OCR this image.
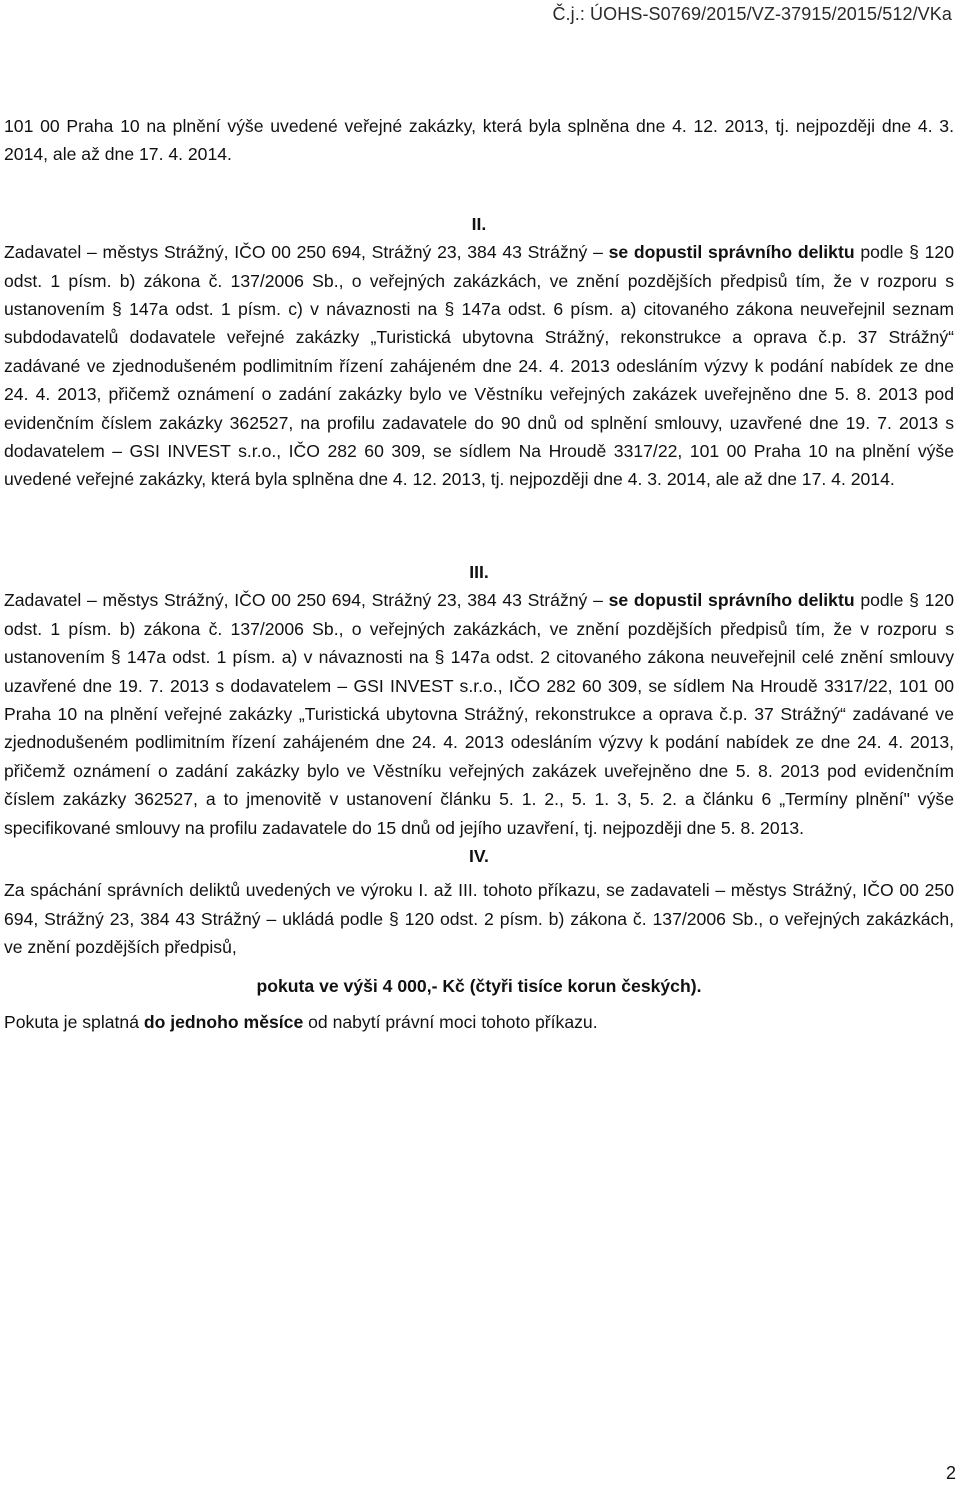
Č.j.: ÚOHS-S0769/2015/VZ-37915/2015/512/VKa

101 00 Praha 10 na plnění výše uvedené veřejné zakázky, která byla splněna dne 4. 12. 2013, tj. nejpozději dne 4. 3. 2014, ale až dne 17. 4. 2014.

II.

Zadavatel – městys Strážný, IČO 00 250 694, Strážný 23, 384 43 Strážný – se dopustil správního deliktu podle § 120 odst. 1 písm. b) zákona č. 137/2006 Sb., o veřejných zakázkách, ve znění pozdějších předpisů tím, že v rozporu s ustanovením § 147a odst. 1 písm. c) v návaznosti na § 147a odst. 6 písm. a) citovaného zákona neuveřejnil seznam subdodavatelů dodavatele veřejné zakázky „Turistická ubytovna Strážný, rekonstrukce a oprava č.p. 37 Strážný“ zadávané ve zjednodušeném podlimitním řízení zahájeném dne 24. 4. 2013 odesláním výzvy k podání nabídek ze dne 24. 4. 2013, přičemž oznámení o zadání zakázky bylo ve Věstníku veřejných zakázek uveřejněno dne 5. 8. 2013 pod evidenčním číslem zakázky 362527, na profilu zadavatele do 90 dnů od splnění smlouvy, uzavřené dne 19. 7. 2013 s dodavatelem – GSI INVEST s.r.o., IČO 282 60 309, se sídlem Na Hroudě 3317/22, 101 00 Praha 10 na plnění výše uvedené veřejné zakázky, která byla splněna dne 4. 12. 2013, tj. nejpozději dne 4. 3. 2014, ale až dne 17. 4. 2014.

III.

Zadavatel – městys Strážný, IČO 00 250 694, Strážný 23, 384 43 Strážný – se dopustil správního deliktu podle § 120 odst. 1 písm. b) zákona č. 137/2006 Sb., o veřejných zakázkách, ve znění pozdějších předpisů tím, že v rozporu s ustanovením § 147a odst. 1 písm. a) v návaznosti na § 147a odst. 2 citovaného zákona neuveřejnil celé znění smlouvy uzavřené dne 19. 7. 2013 s dodavatelem – GSI INVEST s.r.o., IČO 282 60 309, se sídlem Na Hroudě 3317/22, 101 00 Praha 10 na plnění veřejné zakázky „Turistická ubytovna Strážný, rekonstrukce a oprava č.p. 37 Strážný“ zadávané ve zjednodušeném podlimitním řízení zahájeném dne 24. 4. 2013 odesláním výzvy k podání nabídek ze dne 24. 4. 2013, přičemž oznámení o zadání zakázky bylo ve Věstníku veřejných zakázek uveřejněno dne 5. 8. 2013 pod evidenčním číslem zakázky 362527, a to jmenovitě v ustanovení článku 5. 1. 2., 5. 1. 3, 5. 2. a článku 6 „Termíny plnění" výše specifikované smlouvy na profilu zadavatele do 15 dnů od jejího uzavření, tj. nejpozději dne 5. 8. 2013.

IV.

Za spáchání správních deliktů uvedených ve výroku I. až III. tohoto příkazu, se zadavateli – městys Strážný, IČO 00 250 694, Strážný 23, 384 43 Strážný – ukládá podle § 120 odst. 2 písm. b) zákona č. 137/2006 Sb., o veřejných zakázkách, ve znění pozdějších předpisů,

pokuta ve výši 4 000,- Kč (čtyři tisíce korun českých).

Pokuta je splatná do jednoho měsíce od nabytí právní moci tohoto příkazu.

2
